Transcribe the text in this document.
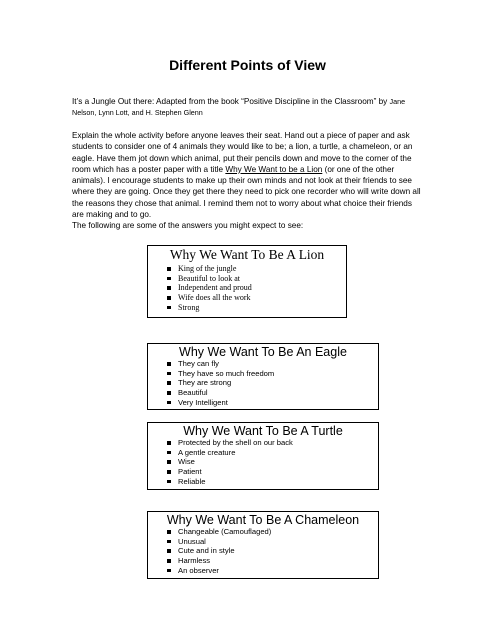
Different Points of View
It’s a Jungle Out there: Adapted from the book “Positive Discipline in the Classroom” by Jane Nelson, Lynn Lott, and H. Stephen Glenn
Explain the whole activity before anyone leaves their seat. Hand out a piece of paper and ask students to consider one of 4 animals they would like to be; a lion, a turtle, a chameleon, or an eagle. Have them jot down which animal, put their pencils down and move to the corner of the room which has a poster paper with a title Why We Want to be a Lion (or one of the other animals). I encourage students to make up their own minds and not look at their friends to see where they are going. Once they get there they need to pick one recorder who will write down all the reasons they chose that animal. I remind them not to worry about what choice their friends are making and to go.
The following are some of the answers you might expect to see:
Why We Want To Be A Lion
King of the jungle
Beautiful to look at
Independent and proud
Wife does all the work
Strong
Why We Want To Be An Eagle
They can fly
They have so much freedom
They are strong
Beautiful
Very Intelligent
Why We Want To Be A Turtle
Protected by the shell on our back
A gentle creature
Wise
Patient
Reliable
Why We Want To Be A Chameleon
Changeable (Camouflaged)
Unusual
Cute and in style
Harmless
An observer
